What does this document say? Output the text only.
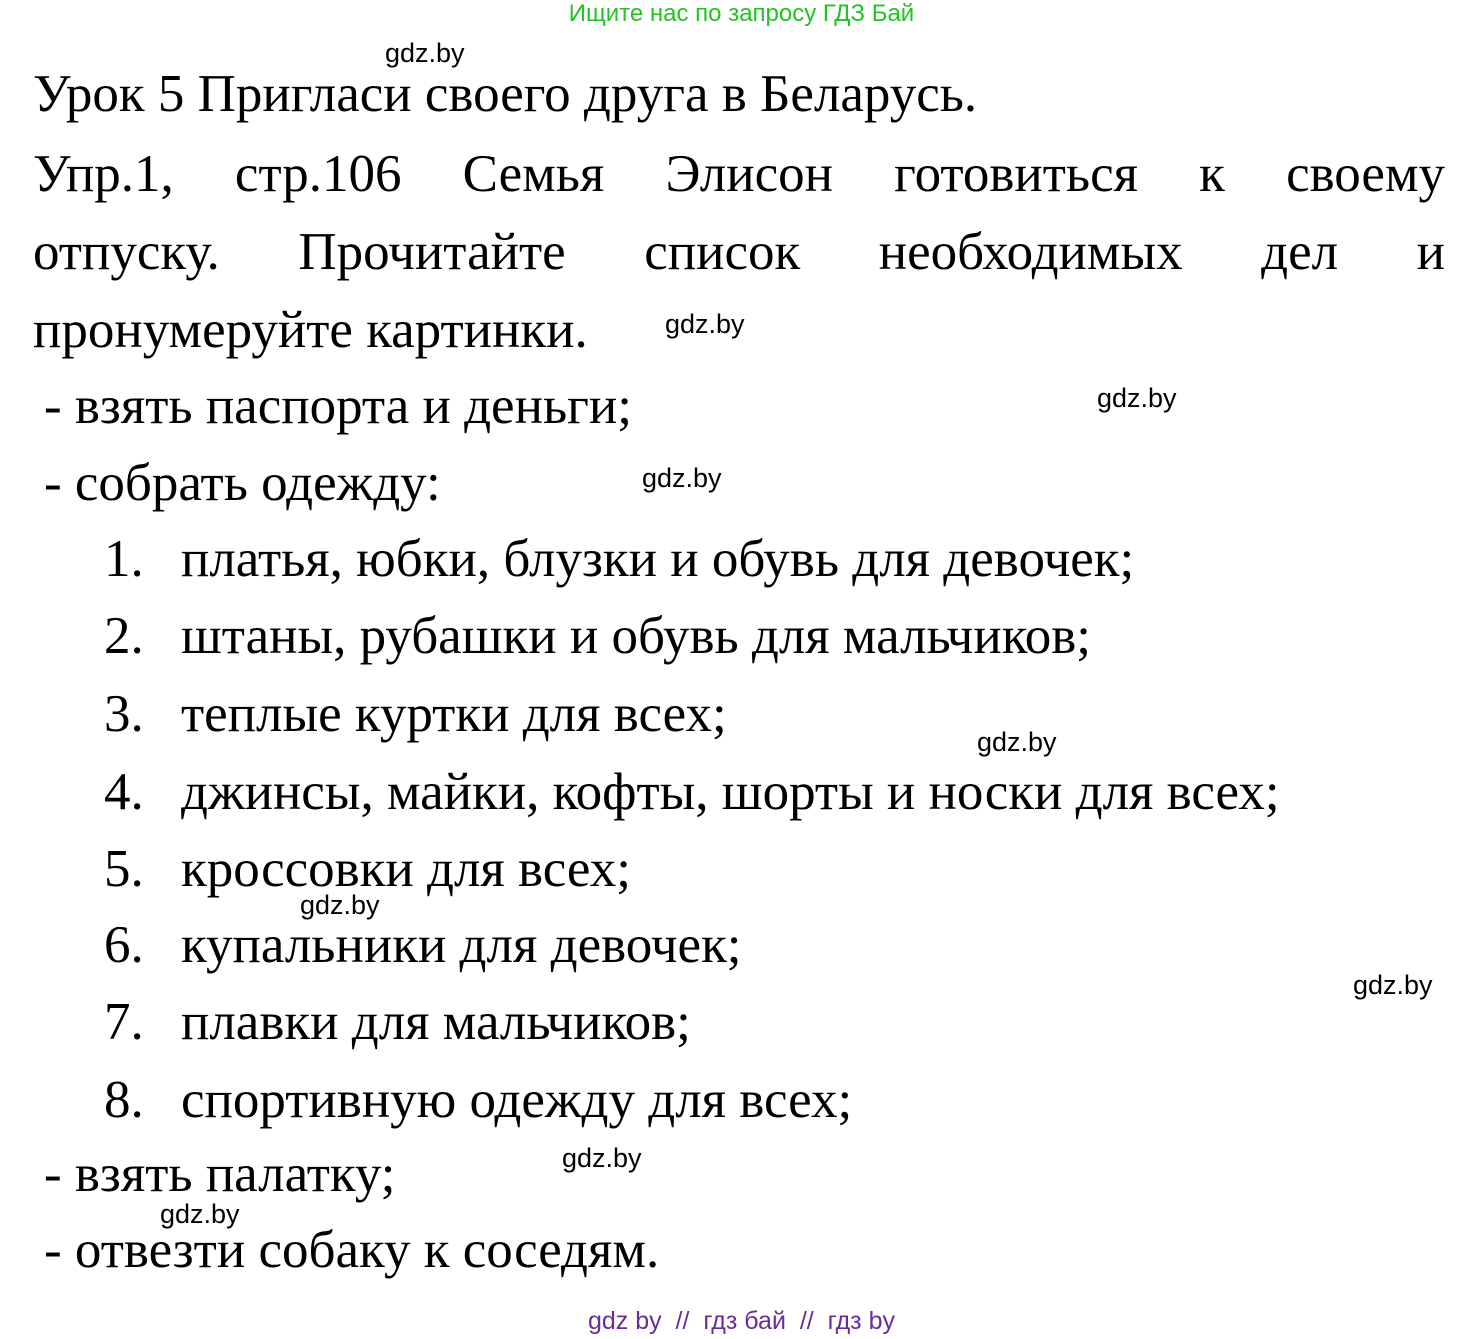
Ищите нас по запросу ГДЗ Бай
gdz.by
Урок 5 Пригласи своего друга в Беларусь.
Упр.1, стр.106 Семья Элисон готовиться к своему
отпуску. Прочитайте список необходимых дел и
пронумеруйте картинки.	gdz.by
- взять паспорта и деньги;	gdz.by
- собрать одежду:	gdz.by
1. платья, юбки, блузки и обувь для девочек;
2. штаны, рубашки и обувь для мальчиков;
3. теплые куртки для всех;	gdz.by
4. джинсы, майки, кофты, шорты и носки для всех;
5. кроссовки для всех;
gdz.by
6. купальники для девочек;
gdz.by
7. плавки для мальчиков;
8. спортивную одежду для всех;
- взять палатку;	gdz.by
gdz.by
- отвезти собаку к соседям.
gdz by  //  гдз бай  //  гдз by
